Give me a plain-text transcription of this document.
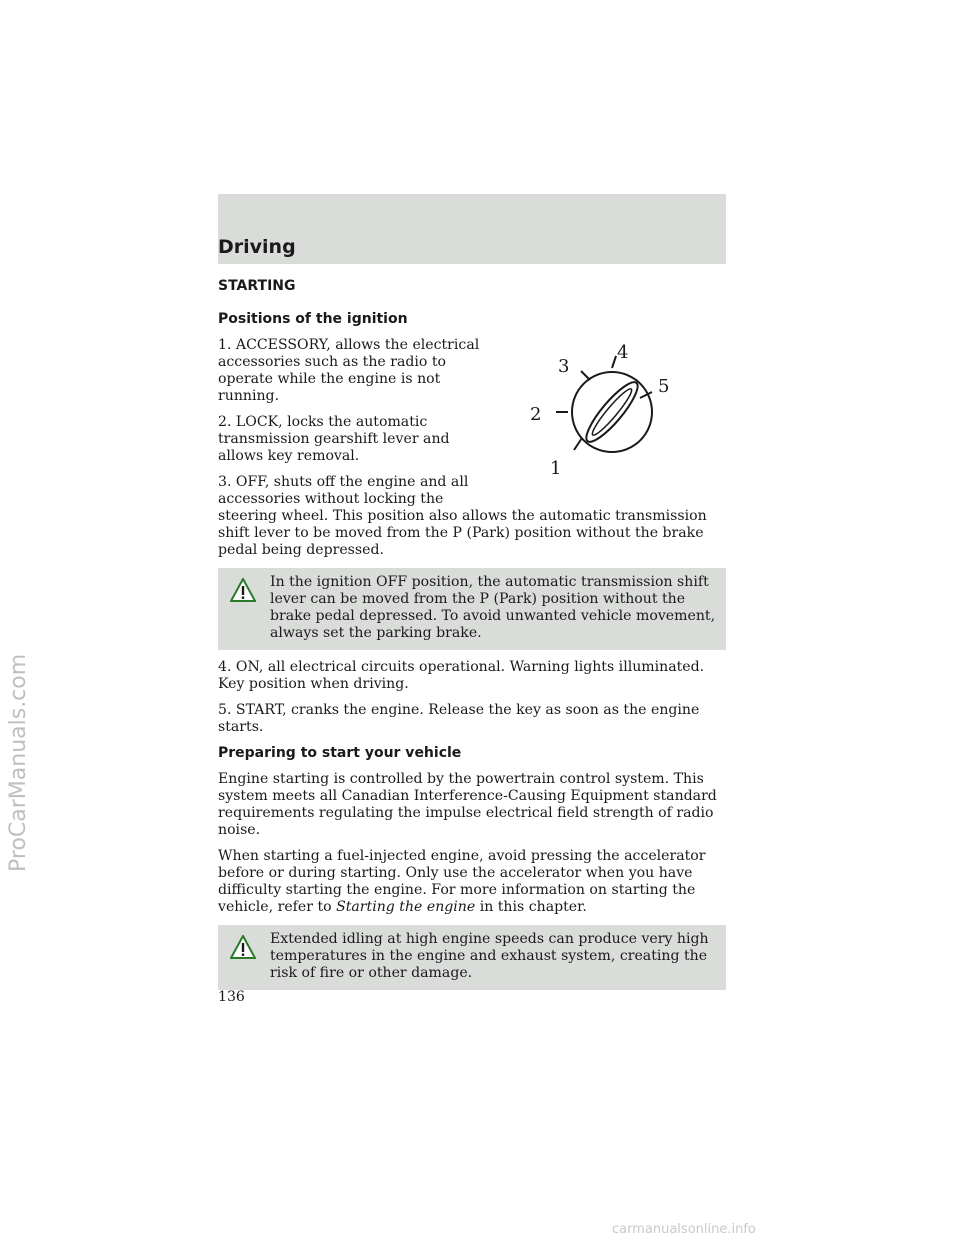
Driving
STARTING
Positions of the ignition

1. ACCESSORY, allows the electrical accessories such as the radio to operate while the engine is not running.

2. LOCK, locks the automatic transmission gearshift lever and allows key removal.

3. OFF, shuts off the engine and all accessories without locking the

steering wheel. This position also allows the automatic transmission shift lever to be moved from the P (Park) position without the brake pedal being depressed.

In the ignition OFF position, the automatic transmission shift lever can be moved from the P (Park) position without the brake pedal depressed. To avoid unwanted vehicle movement, always set the parking brake.

4. ON, all electrical circuits operational. Warning lights illuminated. Key position when driving.

5. START, cranks the engine. Release the key as soon as the engine starts.

Preparing to start your vehicle

Engine starting is controlled by the powertrain control system. This system meets all Canadian Interference-Causing Equipment standard requirements regulating the impulse electrical field strength of radio noise.

When starting a fuel-injected engine, avoid pressing the accelerator before or during starting. Only use the accelerator when you have difficulty starting the engine. For more information on starting the vehicle, refer to Starting the engine in this chapter.

Extended idling at high engine speeds can produce very high temperatures in the engine and exhaust system, creating the risk of fire or other damage.
1
2
3
4
5
136
ProCarManuals.com
carmanualsonline.info
